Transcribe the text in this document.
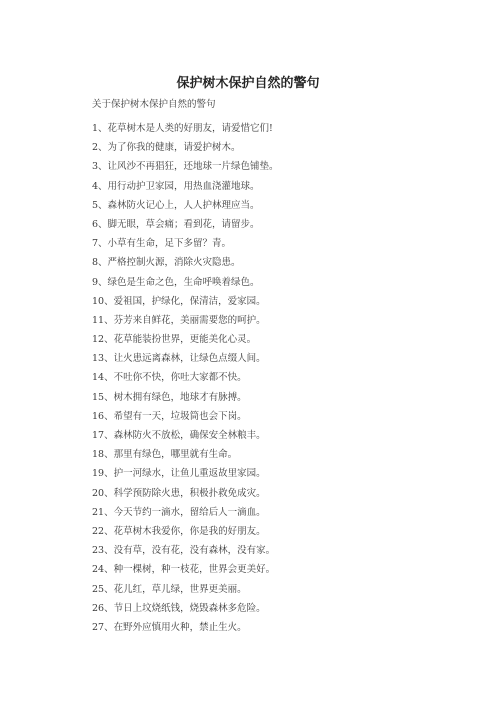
保护树木保护自然的警句
关于保护树木保护自然的警句
1、花草树木是人类的好朋友，请爱惜它们!
2、为了你我的健康，请爱护树木。
3、让风沙不再猖狂，还地球一片绿色铺垫。
4、用行动护卫家园，用热血浇灌地球。
5、森林防火记心上，人人护林理应当。
6、脚无眼，草会痛；看到花，请留步。
7、小草有生命，足下多留？青。
8、严格控制火源，消除火灾隐患。
9、绿色是生命之色，生命呼唤着绿色。
10、爱祖国，护绿化，保清洁，爱家园。
11、芬芳来自鲜花，美丽需要您的呵护。
12、花草能装扮世界，更能美化心灵。
13、让火患远离森林，让绿色点缀人间。
14、不吐你不快，你吐大家都不快。
15、树木拥有绿色，地球才有脉搏。
16、希望有一天，垃圾筒也会下岗。
17、森林防火不放松，确保安全林粮丰。
18、那里有绿色，哪里就有生命。
19、护一河绿水，让鱼儿重返故里家园。
20、科学预防除火患，积极扑救免成灾。
21、今天节约一滴水，留给后人一滴血。
22、花草树木我爱你，你是我的好朋友。
23、没有草，没有花，没有森林，没有家。
24、种一棵树，种一枝花，世界会更美好。
25、花儿红，草儿绿，世界更美丽。
26、节日上坟烧纸钱，烧毁森林多危险。
27、在野外应慎用火种，禁止生火。
